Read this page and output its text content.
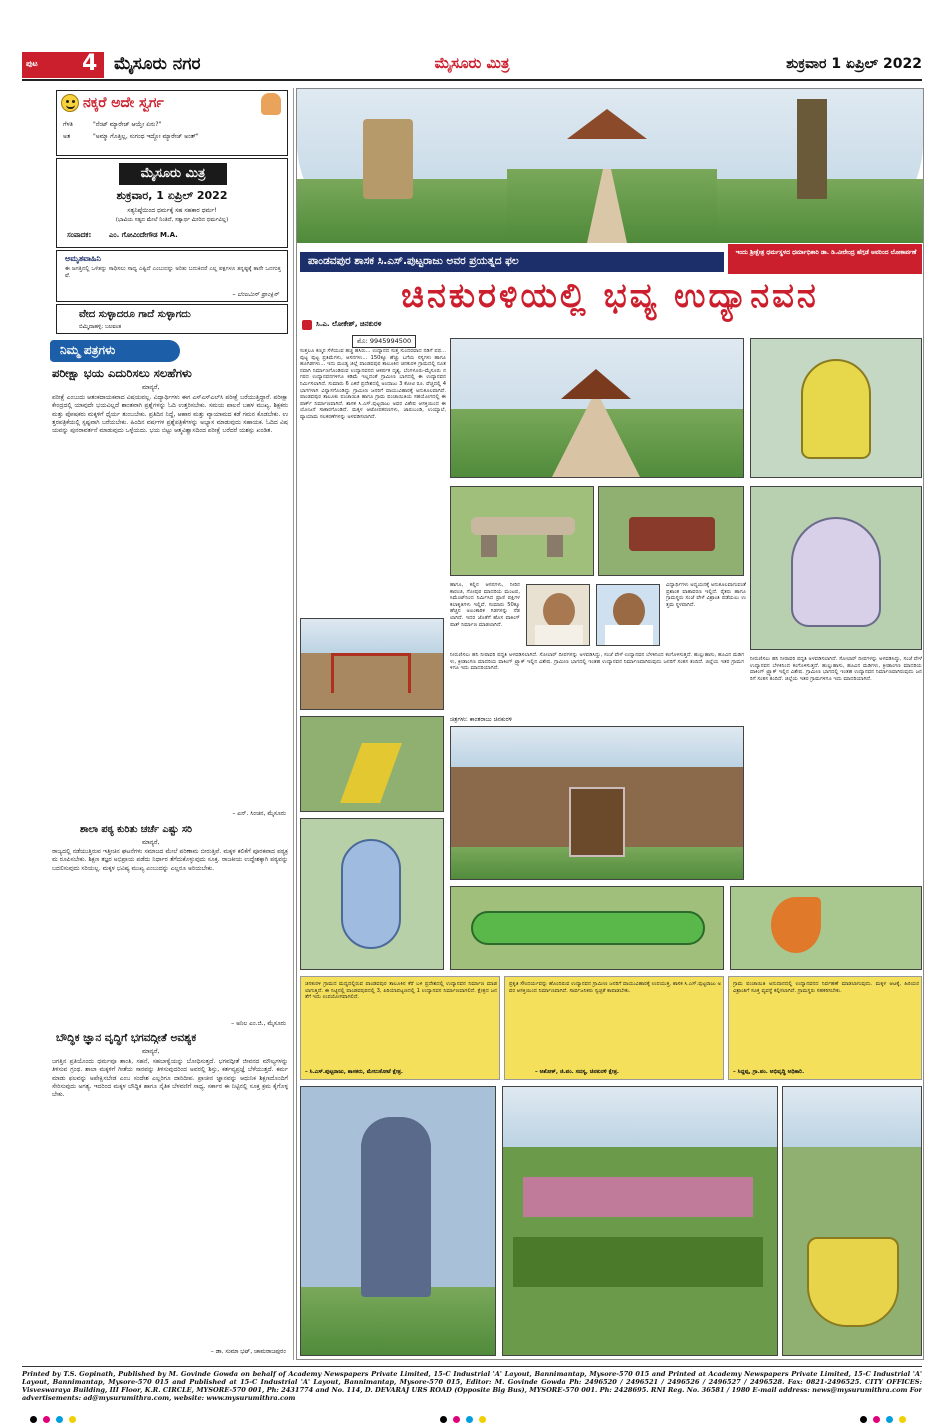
ಪುಟ 4 ಮೈಸೂರು ನಗರ	ಮೈಸೂರು ಮಿತ್ರ	ಶುಕ್ರವಾರ 1 ಏಪ್ರಿಲ್ 2022
ನಕ್ಕರೆ ಅದೇ ಸ್ವರ್ಗ
ಗೆಳತಿ	"ನೆಂಟ್ ಮ್ಯಾರೇಜ್ ಆಯ್ತೇ ಏನು?"
ಅತ	"ಅಮ್ಮಾ ಗೊತ್ತಿಲ್ಲ, ಸುಗಂಧ ಇದ್ದೋ ಮ್ಯಾರೇಜ್ ಅಂತ್"
ಮೈಸೂರು ಮಿತ್ರ
ಶುಕ್ರವಾರ, 1 ಏಪ್ರಿಲ್ 2022
ಸತ್ಯನಿಷ್ಠೆಯಿಂದ ಧರ್ಮಕ್ಕೆ ಸಹ ಸಹಕಾರ ಧರ್ಮ!
(ಭಾವಿಯ ಸತ್ಯದ ಮೇಲೆ ನಿಂತಿದೆ, ಸತ್ಯಾರ್ಥ ಮೀರಿದ ಧರ್ಮವಿಲ್ಲ)
ಸಂಪಾದಕ:	ಎಂ. ಗೋವಿಂದೇಗೌಡ M.A.
ಅಮೃತವಾಹಿನಿ
ಈ ಜಗತ್ತಿನಲ್ಲಿ ಒಳಿತನ್ನು ಸಾಧಿಸಲು ಸಾಧ್ಯ ಎಷ್ಟಿದೆ ಎಂಬುದನ್ನು ಅರಿತು ಬದುಕಿದರೆ ಎಲ್ಲ ಪಕ್ಷಗಳೂ ತನ್ನಷ್ಟಕ್ಕೆ ತಾನೇ ಒದಗುತ್ತವೆ.
– ಬೆಂಜಮಿನ್ ಫ್ರಾಂಕ್ಲಿನ್
ವೇದ ಸುಳ್ಳಾದರೂ ಗಾದೆ ಸುಳ್ಳಾಗದು
ಬಿಮ್ಮಿದಾಹಳ್ಳಿ: ಬಲವಂತ
ನಿಮ್ಮ ಪತ್ರಗಳು
ಪರೀಕ್ಷಾ ಭಯ ಎದುರಿಸಲು ಸಲಹೆಗಳು
ಮಾನ್ಯರೆ,
ಪರೀಕ್ಷೆ ಎಂಬುದು ಆತಂಕದಾಯಕವಾದ ವಿಷಯವಲ್ಲ. ವಿದ್ಯಾರ್ಥಿಗಳು ಈಗ ಎಸ್‌ಎಸ್‌ಎಲ್‌ಸಿ ಪರೀಕ್ಷೆ ಬರೆಯುತ್ತಿದ್ದಾರೆ. ಪರೀಕ್ಷಾ ಕೇಂದ್ರದಲ್ಲಿ ಯಾವುದೇ ಭಯವಿಲ್ಲದೆ ಶಾಂತವಾಗಿ ಪ್ರಶ್ನೆಗಳನ್ನು ಓದಿ ಉತ್ತರಿಸಬೇಕು. ಸಮಯ ಪಾಲನೆ ಬಹಳ ಮುಖ್ಯ. ಶಿಕ್ಷಕರು ಮತ್ತು ಪೋಷಕರು ಮಕ್ಕಳಿಗೆ ಧೈರ್ಯ ತುಂಬಬೇಕು. ಪ್ರತಿದಿನ ನಿದ್ದೆ, ಆಹಾರ ಮತ್ತು ವ್ಯಾಯಾಮದ ಕಡೆ ಗಮನ ಕೊಡಬೇಕು. ಉತ್ತರಪತ್ರಿಕೆಯಲ್ಲಿ ಸ್ಪಷ್ಟವಾಗಿ ಬರೆಯಬೇಕು. ಹಿಂದಿನ ವರ್ಷಗಳ ಪ್ರಶ್ನೆಪತ್ರಿಕೆಗಳನ್ನು ಅಭ್ಯಾಸ ಮಾಡುವುದು ಸಹಾಯಕ. ಓದಿದ ವಿಷಯವನ್ನು ಪುನರಾವರ್ತನೆ ಮಾಡುವುದು ಒಳ್ಳೆಯದು. ಭಯ ಬಿಟ್ಟು ಆತ್ಮವಿಶ್ವಾಸದಿಂದ ಪರೀಕ್ಷೆ ಬರೆದರೆ ಯಶಸ್ಸು ಖಂಡಿತ.
– ಎನ್. ಸಿಂಚನ, ಮೈಸೂರು
ಶಾಲಾ ಪಠ್ಯ ಕುರಿತು ಚರ್ಚೆ ಎಷ್ಟು ಸರಿ
ಮಾನ್ಯರೆ,
ರಾಜ್ಯದಲ್ಲಿ ನಡೆಯುತ್ತಿರುವ ಇತ್ತೀಚಿನ ಘಟನೆಗಳು ಸಮಾಜದ ಮೇಲೆ ಪರಿಣಾಮ ಬೀರುತ್ತಿವೆ. ಮಕ್ಕಳ ಕಲಿಕೆಗೆ ಪೂರಕವಾದ ಪಠ್ಯಕ್ರಮ ರೂಪಿಸಬೇಕು. ಶಿಕ್ಷಣ ತಜ್ಞರ ಅಭಿಪ್ರಾಯ ಪಡೆದು ನಿರ್ಧಾರ ತೆಗೆದುಕೊಳ್ಳುವುದು ಸೂಕ್ತ. ರಾಜಕೀಯ ಉದ್ದೇಶಕ್ಕಾಗಿ ಪಠ್ಯವನ್ನು ಬದಲಿಸುವುದು ಸರಿಯಲ್ಲ. ಮಕ್ಕಳ ಭವಿಷ್ಯ ಮುಖ್ಯ ಎಂಬುದನ್ನು ಎಲ್ಲರೂ ಅರಿಯಬೇಕು.
– ಅನಿಲ ಎಂ.ಜಿ., ಮೈಸೂರು
ಬೌದ್ಧಿಕ ಜ್ಞಾನ ವೃದ್ಧಿಗೆ ಭಗವದ್ಗೀತೆ ಅವಶ್ಯಕ
ಮಾನ್ಯರೆ,
ಜಗತ್ತಿನ ಪ್ರತಿಯೊಂದು ಧರ್ಮವೂ ಶಾಂತಿ, ಸಹನೆ, ಸಹಬಾಳ್ವೆಯನ್ನು ಬೋಧಿಸುತ್ತದೆ. ಭಗವದ್ಗೀತೆ ಜೀವನದ ಮೌಲ್ಯಗಳನ್ನು ತಿಳಿಸುವ ಗ್ರಂಥ. ಶಾಲಾ ಮಕ್ಕಳಿಗೆ ಗೀತೆಯ ಸಾರವನ್ನು ತಿಳಿಸುವುದರಿಂದ ಅವರಲ್ಲಿ ಶಿಸ್ತು, ಕರ್ತವ್ಯಪ್ರಜ್ಞೆ ಬೆಳೆಯುತ್ತದೆ. ಕರ್ಮ ಮಾಡು ಫಲವನ್ನು ಅಪೇಕ್ಷಿಸಬೇಡ ಎಂಬ ಸಂದೇಶ ಎಲ್ಲರಿಗೂ ದಾರಿದೀಪ. ಪ್ರಾಚೀನ ಜ್ಞಾನವನ್ನು ಆಧುನಿಕ ಶಿಕ್ಷಣದೊಂದಿಗೆ ಸೇರಿಸುವುದು ಅಗತ್ಯ. ಇದರಿಂದ ಮಕ್ಕಳ ಬೌದ್ಧಿಕ ಹಾಗೂ ನೈತಿಕ ಬೆಳವಣಿಗೆ ಸಾಧ್ಯ. ಸರ್ಕಾರ ಈ ನಿಟ್ಟಿನಲ್ಲಿ ಸೂಕ್ತ ಕ್ರಮ ಕೈಗೊಳ್ಳಬೇಕು.
– ಡಾ. ಸುಮಾ ಭಟ್, ಚಾಮರಾಜಪುರಂ
ಇಂದು ಶ್ರೀಕ್ಷೇತ್ರ ಧರ್ಮಸ್ಥಳದ ಧರ್ಮಾಧಿಕಾರಿ ಡಾ. ಡಿ.ವೀರೇಂದ್ರ ಹೆಗ್ಗಡೆ ಅವರಿಂದ ಲೋಕಾರ್ಪಣೆ
ಪಾಂಡವಪುರ ಶಾಸಕ ಸಿ.ಎಸ್.ಪುಟ್ಟರಾಜು ಅವರ ಪ್ರಯತ್ನದ ಫಲ
ಚಿನಕುರಳಿಯಲ್ಲಿ ಭವ್ಯ ಉದ್ಯಾನವನ
ಸಿ.ಎ. ಲೋಕೇಶ್, ಚಿನಕುರಳಿ
ಮೊ: 9945994500
ಸುತ್ತಲೂ ಕಣ್ಮನ ಸೆಳೆಯುವ ಹಚ್ಚ ಹಸಿರು... ಉದ್ಯಾನದ ಸುತ್ತ ಸುಂದರವಾದ ನಡಿಗೆ ಪಥ... ಪುಟ್ಟ ಪುಟ್ಟ ಪ್ರತಿಮೆಗಳು, ಆಸನಗಳು... 150ಕ್ಕೂ ಹೆಚ್ಚು ಬಗೆಯ ಸಸ್ಯಗಳು ಹಾಗೂ ಹೂಗಿಡಗಳು... ಇದು ಮಂಡ್ಯ ಜಿಲ್ಲೆ ಪಾಂಡವಪುರ ತಾಲೂಕಿನ ಚಿನಕುರಳಿ ಗ್ರಾಮದಲ್ಲಿ ನೂತನವಾಗಿ ನಿರ್ಮಾಣಗೊಂಡಿರುವ ಉದ್ಯಾನವನದ ಆಕರ್ಷಕ ದೃಶ್ಯ. ಬೆಂಗಳೂರು-ಮೈಸೂರು ನಗರದ ಉದ್ಯಾನವನಗಳಿಗೂ ಕಡಿಮೆ ಇಲ್ಲದಂತೆ ಗ್ರಾಮೀಣ ಭಾಗದಲ್ಲಿ ಈ ಉದ್ಯಾನವನ ನಿರ್ಮಿಸಲಾಗಿದೆ. ಸುಮಾರು 6 ಎಕರೆ ಪ್ರದೇಶದಲ್ಲಿ ಅಂದಾಜು 3 ಕೋಟಿ ರೂ. ವೆಚ್ಚದಲ್ಲಿ 4 ಭಾಗಗಳಾಗಿ ವಿನ್ಯಾಸಗೊಂಡಿದ್ದು ಗ್ರಾಮೀಣ ಜನರಿಗೆ ವಾಯುವಿಹಾರಕ್ಕೆ ಅನುಕೂಲವಾಗಿದೆ. ಪಾಂಡವಪುರ ತಾಲೂಕು ಪಂಚಾಯಿತಿ ಹಾಗೂ ಗ್ರಾಮ ಪಂಚಾಯಿತಿಯ ಸಹಯೋಗದಲ್ಲಿ ಈ ಪಾರ್ಕ್ ನಿರ್ಮಾಣವಾಗಿದೆ. ಶಾಸಕ ಸಿ.ಎಸ್.ಪುಟ್ಟರಾಜು ಅವರ ವಿಶೇಷ ಆಸಕ್ತಿಯಿಂದ ಈ ಯೋಜನೆ ಸಾಕಾರಗೊಂಡಿದೆ. ಮಕ್ಕಳ ಆಟೋಪಕರಣಗಳು, ಜಾರುಬಂಡಿ, ಉಯ್ಯಾಲೆ, ವ್ಯಾಯಾಮ ಸಲಕರಣೆಗಳನ್ನು ಅಳವಡಿಸಲಾಗಿದೆ.
ಹಾಗೂ, ಕಲ್ಲಿನ ಆಸನಗಳು, ನೀರಿನ ಕಾರಂಜಿ, ಗೋಪುರ ಮಾದರಿಯ ಮಂಟಪ, ಸಿಮೆಂಟ್‌ನಿಂದ ನಿರ್ಮಿಸಿದ ಪ್ರಾಣಿ ಪಕ್ಷಿಗಳ ಕಲಾಕೃತಿಗಳು ಇಲ್ಲಿವೆ. ಸುಮಾರು 50ಕ್ಕೂ ಹೆಚ್ಚಿನ ಅಲಂಕಾರಿಕ ಗಿಡಗಳನ್ನು ನೆಡಲಾಗಿದೆ. ಇದರ ಜೊತೆಗೆ ಹೊಸ ವಾಕಿಂಗ್ ಪಾತ್ ನಿರ್ಮಾಣ ಮಾಡಲಾಗಿದೆ.
ವಿದ್ಯಾರ್ಥಿಗಳು ಅಧ್ಯಯನಕ್ಕೆ ಅನುಕೂಲವಾಗುವಂತೆ ಪ್ರಶಾಂತ ವಾತಾವರಣ ಇಲ್ಲಿದೆ. ರೈತರು ಹಾಗೂ ಗ್ರಾಮಸ್ಥರು ಸಂಜೆ ವೇಳೆ ವಿಶ್ರಾಂತಿ ಪಡೆಯಲು ಉತ್ತಮ ಸ್ಥಳವಾಗಿದೆ.
ನೀರುಣಿಸಲು ಹನಿ ನೀರಾವರಿ ಪದ್ಧತಿ ಅಳವಡಿಸಲಾಗಿದೆ. ಸೋಲಾರ್ ದೀಪಗಳನ್ನು ಅಳವಡಿಸಿದ್ದು, ಸಂಜೆ ವೇಳೆ ಉದ್ಯಾನವನ ಬೆಳಕಿನಿಂದ ಕಂಗೊಳಿಸುತ್ತದೆ. ಹುಲ್ಲುಹಾಸು, ಹೂವಿನ ಮಡಿಗಳು, ಕ್ರೀಡಾಂಗಣ ಮಾದರಿಯ ವಾಕಿಂಗ್ ಟ್ರ್ಯಾಕ್ ಇಲ್ಲಿನ ವಿಶೇಷ. ಗ್ರಾಮೀಣ ಭಾಗದಲ್ಲಿ ಇಂತಹ ಉದ್ಯಾನವನ ನಿರ್ಮಾಣವಾಗಿರುವುದು ಜನರಿಗೆ ಸಂತಸ ತಂದಿದೆ. ಜಿಲ್ಲೆಯ ಇತರ ಗ್ರಾಮಗಳಿಗೂ ಇದು ಮಾದರಿಯಾಗಿದೆ.
ಚಿತ್ರಗಳು: ಕಾಂತರಾಜು ಚಿನಕುರಳಿ
ನೀರುಣಿಸಲು ಹನಿ ನೀರಾವರಿ ಪದ್ಧತಿ ಅಳವಡಿಸಲಾಗಿದೆ. ಸೋಲಾರ್ ದೀಪಗಳನ್ನು ಅಳವಡಿಸಿದ್ದು, ಸಂಜೆ ವೇಳೆ ಉದ್ಯಾನವನ ಬೆಳಕಿನಿಂದ ಕಂಗೊಳಿಸುತ್ತದೆ. ಹುಲ್ಲುಹಾಸು, ಹೂವಿನ ಮಡಿಗಳು, ಕ್ರೀಡಾಂಗಣ ಮಾದರಿಯ ವಾಕಿಂಗ್ ಟ್ರ್ಯಾಕ್ ಇಲ್ಲಿನ ವಿಶೇಷ. ಗ್ರಾಮೀಣ ಭಾಗದಲ್ಲಿ ಇಂತಹ ಉದ್ಯಾನವನ ನಿರ್ಮಾಣವಾಗಿರುವುದು ಜನರಿಗೆ ಸಂತಸ ತಂದಿದೆ. ಜಿಲ್ಲೆಯ ಇತರ ಗ್ರಾಮಗಳಿಗೂ ಇದು ಮಾದರಿಯಾಗಿದೆ.
ಚಿನಕುರಳಿ ಗ್ರಾಮದ ಮಧ್ಯದಲ್ಲಿರುವ ಪಾಂಡವಪುರ ತಾಲೂಕಿನ ಕೆರೆ ಬಳಿ ಪ್ರದೇಶದಲ್ಲಿ ಉದ್ಯಾನವನ ನಿರ್ಮಾಣ ಮಾಡಲಾಗುತ್ತಿದೆ. ಈ ನಿಟ್ಟಿನಲ್ಲಿ ಪಾಂಡವಪುರದಲ್ಲಿ 3, ಪಿರಿಯಾಪಟ್ಟಣದಲ್ಲಿ 1 ಉದ್ಯಾನವನ ನಿರ್ಮಾಣವಾಗಲಿದೆ. ಕ್ಷೇತ್ರದ ಜನತೆಗೆ ಇದು ಉಪಯೋಗವಾಗಲಿದೆ.
– ಸಿ.ಎಸ್.ಪುಟ್ಟರಾಜು, ಶಾಸಕರು, ಮೇಲುಕೋಟೆ ಕ್ಷೇತ್ರ.
ಪ್ರಕೃತಿ ಸೌಂದರ್ಯವನ್ನು ಹೊಂದಿರುವ ಉದ್ಯಾನವನ ಗ್ರಾಮೀಣ ಜನರಿಗೆ ವಾಯುವಿಹಾರಕ್ಕೆ ಉಪಯುಕ್ತ. ಶಾಸಕ ಸಿ.ಎಸ್.ಪುಟ್ಟರಾಜು ಅವರ ಆಸಕ್ತಿಯಿಂದ ನಿರ್ಮಾಣವಾಗಿದೆ. ಸಾರ್ವಜನಿಕರು ಸ್ವಚ್ಛತೆ ಕಾಪಾಡಬೇಕು.
– ಅಶೋಕ್, ಜಿ.ಪಂ. ಸದಸ್ಯ, ಚಿನಕುರಳಿ ಕ್ಷೇತ್ರ.
ಗ್ರಾಮ ಪಂಚಾಯಿತಿ ಅನುದಾನದಲ್ಲಿ ಉದ್ಯಾನವನದ ನಿರ್ವಹಣೆ ಮಾಡಲಾಗುವುದು. ಮಕ್ಕಳ ಆಟಕ್ಕೆ, ಹಿರಿಯರ ವಿಶ್ರಾಂತಿಗೆ ಸೂಕ್ತ ವ್ಯವಸ್ಥೆ ಕಲ್ಪಿಸಲಾಗಿದೆ. ಗ್ರಾಮಸ್ಥರು ಸಹಕರಿಸಬೇಕು.
– ಸಿದ್ದಪ್ಪ, ಗ್ರಾ.ಪಂ. ಅಭಿವೃದ್ಧಿ ಅಧಿಕಾರಿ.
Printed by T.S. Gopinath, Published by M. Govinde Gowda on behalf of Academy Newspapers Private Limited, 15-C Industrial 'A' Layout, Bannimantap, Mysore-570 015 and Printed at Academy Newspapers Private Limited, 15-C Industrial 'A' Layout, Bannimantap, Mysore-570 015 and Published at 15-C Industrial 'A' Layout, Bannimantap, Mysore-570 015, Editor: M. Govinde Gowda Ph: 2496520 / 2496521 / 2496526 / 2496527 / 2496528. Fax: 0821-2496525. CITY OFFICES: Visveswaraya Building, III Floor, K.R. CIRCLE, MYSORE-570 001, Ph: 2431774 and No. 114, D. DEVARAJ URS ROAD (Opposite Big Bus), MYSORE-570 001. Ph: 2428695. RNI Reg. No. 36581 / 1980 E-mail address: news@mysurumithra.com For advertisements: ad@mysurumithra.com, website: www.mysurumithra.com
